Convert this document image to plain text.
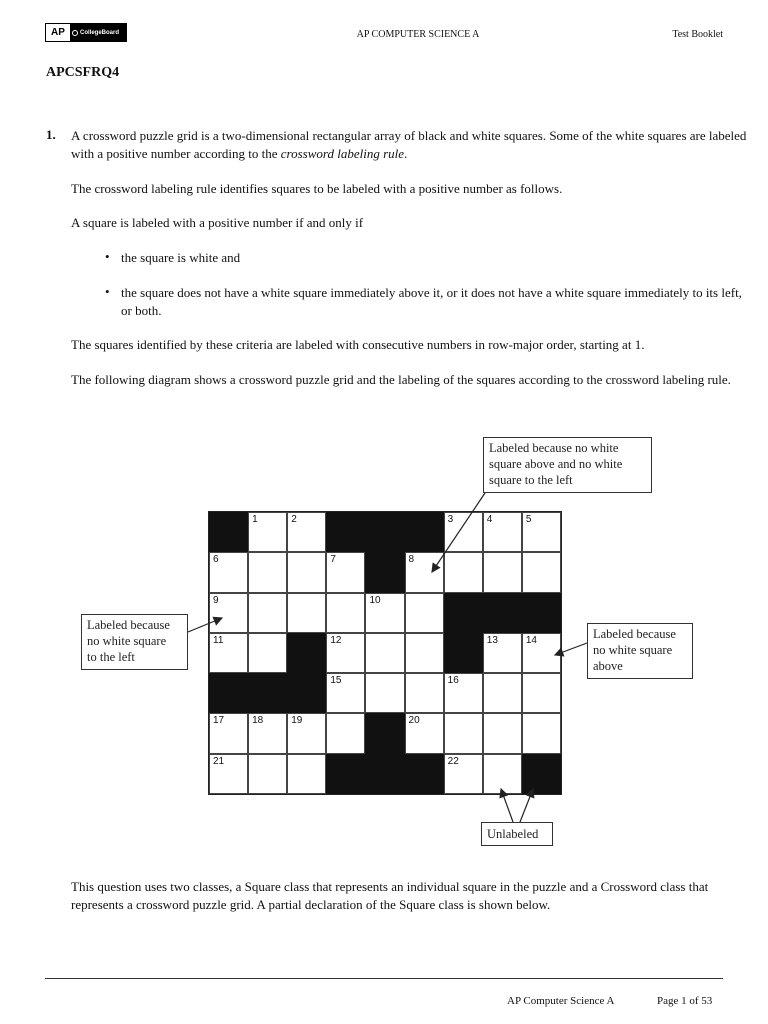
AP	CollegeBoard	AP COMPUTER SCIENCE A	Test Booklet
APCSFRQ4
1. A crossword puzzle grid is a two-dimensional rectangular array of black and white squares. Some of the white squares are labeled with a positive number according to the crossword labeling rule.
The crossword labeling rule identifies squares to be labeled with a positive number as follows.
A square is labeled with a positive number if and only if
• the square is white and
• the square does not have a white square immediately above it, or it does not have a white square immediately to its left, or both.
The squares identified by these criteria are labeled with consecutive numbers in row-major order, starting at 1.
The following diagram shows a crossword puzzle grid and the labeling of the squares according to the crossword labeling rule.
1	2	3	4	5
6	7	8
9	10
11	12	13	14
15	16
17	18	19	20
21	22
Labeled because no white
square above and no white
square to the left
Labeled because
no white square
to the left
Labeled because
no white square
above
Unlabeled
This question uses two classes, a Square class that represents an individual square in the puzzle and a Crossword class that represents a crossword puzzle grid. A partial declaration of the Square class is shown below.
AP Computer Science A	Page 1 of 53
